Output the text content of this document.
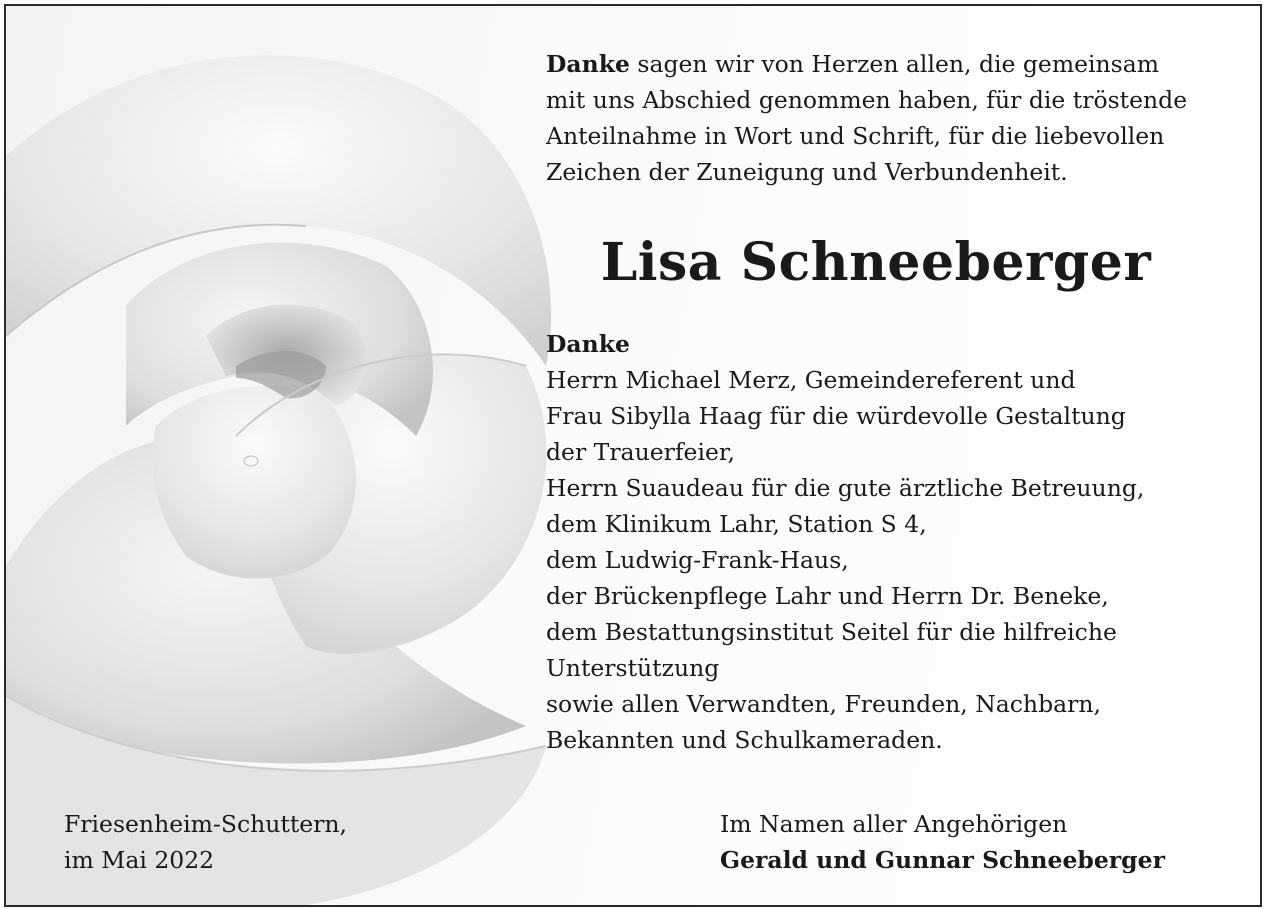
Danke sagen wir von Herzen allen, die gemeinsam
mit uns Abschied genommen haben, für die tröstende
Anteilnahme in Wort und Schrift, für die liebevollen
Zeichen der Zuneigung und Verbundenheit.
Lisa Schneeberger
Danke
Herrn Michael Merz, Gemeindereferent und
Frau Sibylla Haag für die würdevolle Gestaltung
der Trauerfeier,
Herrn Suaudeau für die gute ärztliche Betreuung,
dem Klinikum Lahr, Station S 4,
dem Ludwig-Frank-Haus,
der Brückenpflege Lahr und Herrn Dr. Beneke,
dem Bestattungsinstitut Seitel für die hilfreiche
Unterstützung
sowie allen Verwandten, Freunden, Nachbarn,
Bekannten und Schulkameraden.
Friesenheim-Schuttern,
im Mai 2022
Im Namen aller Angehörigen
Gerald und Gunnar Schneeberger
